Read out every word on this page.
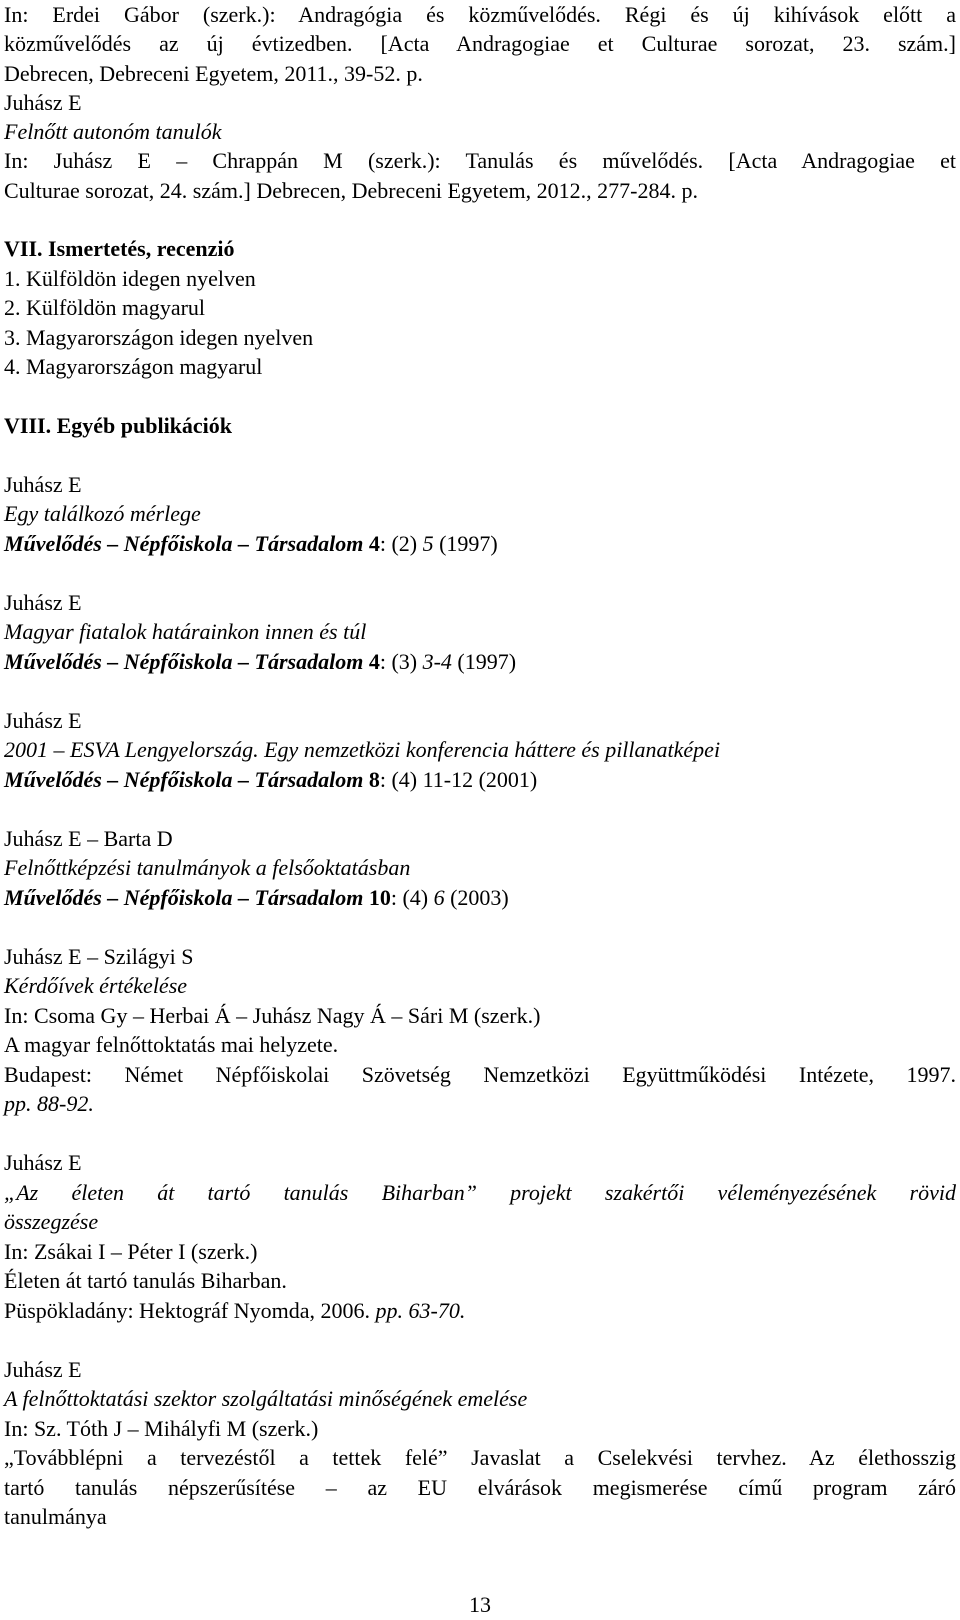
In: Erdei Gábor (szerk.): Andragógia és közművelődés. Régi és új kihívások előtt a
közművelődés az új évtizedben. [Acta Andragogiae et Culturae sorozat, 23. szám.]
Debrecen, Debreceni Egyetem, 2011., 39-52. p.
Juhász E
Felnőtt autonóm tanulók
In: Juhász E – Chrappán M (szerk.): Tanulás és művelődés. [Acta Andragogiae et
Culturae sorozat, 24. szám.] Debrecen, Debreceni Egyetem, 2012., 277-284. p.
VII. Ismertetés, recenzió
1. Külföldön idegen nyelven
2. Külföldön magyarul
3. Magyarországon idegen nyelven
4. Magyarországon magyarul
VIII. Egyéb publikációk
Juhász E
Egy találkozó mérlege
Művelődés – Népfőiskola – Társadalom 4: (2) 5 (1997)
Juhász E
Magyar fiatalok határainkon innen és túl
Művelődés – Népfőiskola – Társadalom 4: (3) 3-4 (1997)
Juhász E
2001 – ESVA Lengyelország. Egy nemzetközi konferencia háttere és pillanatképei
Művelődés – Népfőiskola – Társadalom 8: (4) 11-12 (2001)
Juhász E – Barta D
Felnőttképzési tanulmányok a felsőoktatásban
Művelődés – Népfőiskola – Társadalom 10: (4) 6 (2003)
Juhász E – Szilágyi S
Kérdőívek értékelése
In: Csoma Gy – Herbai Á – Juhász Nagy Á – Sári M (szerk.)
A magyar felnőttoktatás mai helyzete.
Budapest: Német Népfőiskolai Szövetség Nemzetközi Együttműködési Intézete, 1997.
pp. 88-92.
Juhász E
„Az életen át tartó tanulás Biharban” projekt szakértői véleményezésének rövid
összegzése
In: Zsákai I – Péter I (szerk.)
Életen át tartó tanulás Biharban.
Püspökladány: Hektográf Nyomda, 2006. pp. 63-70.
Juhász E
A felnőttoktatási szektor szolgáltatási minőségének emelése
In: Sz. Tóth J – Mihályfi M (szerk.)
„Továbblépni a tervezéstől a tettek felé” Javaslat a Cselekvési tervhez. Az élethosszig
tartó tanulás népszerűsítése – az EU elvárások megismerése című program záró
tanulmánya
13
